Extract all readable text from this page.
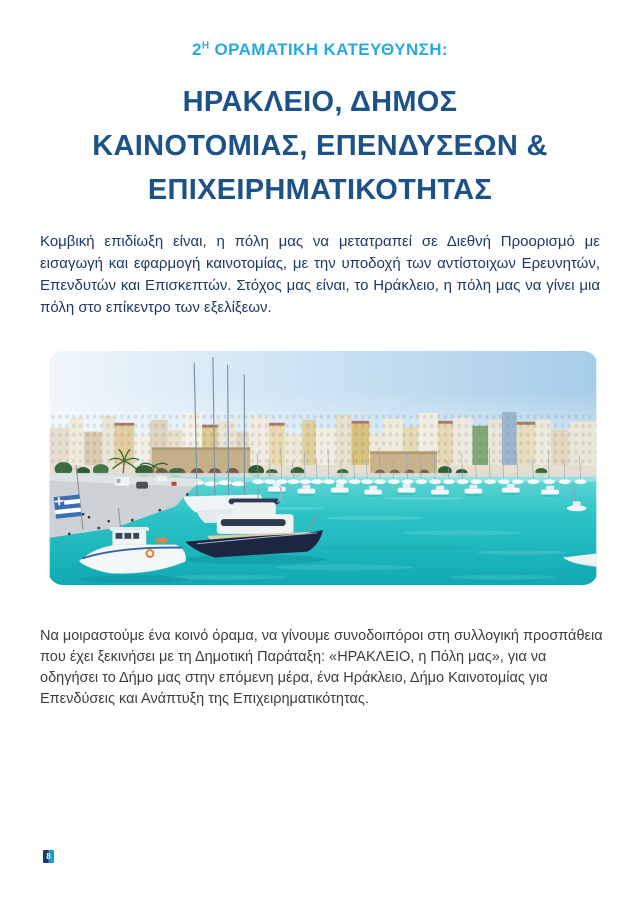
$2^H$ ΟΡΑΜΑΤΙΚΗ ΚΑΤΕΥΘΥΝΣΗ:
ΗΡΑΚΛΕΙΟ, ΔΗΜΟΣ
ΚΑΙΝΟΤΟΜΙΑΣ, ΕΠΕΝΔΥΣΕΩΝ &
ΕΠΙΧΕΙΡΗΜΑΤΙΚΟΤΗΤΑΣ

Κομβική επιδίωξη είναι, η πόλη μας να μετατραπεί σε Διεθνή Προορισμό με εισαγωγή και εφαρμογή καινοτομίας, με την υποδοχή των αντίστοιχων Ερευνητών, Επενδυτών και Επισκεπτών. Στόχος μας είναι, το Ηράκλειο, η πόλη μας να γίνει μια πόλη στο επίκεντρο των εξελίξεων.

Να μοιραστούμε ένα κοινό όραμα, να γίνουμε συνοδοιπόροι στη συλλογική προσπάθεια που έχει ξεκινήσει με τη Δημοτική Παράταξη: «ΗΡΑΚΛΕΙΟ, η Πόλη μας», για να οδηγήσει το Δήμο μας στην επόμενη μέρα, ένα Ηράκλειο, Δήμο Καινοτομίας για Επενδύσεις και Ανάπτυξη της Επιχειρηματικότητας.

8
